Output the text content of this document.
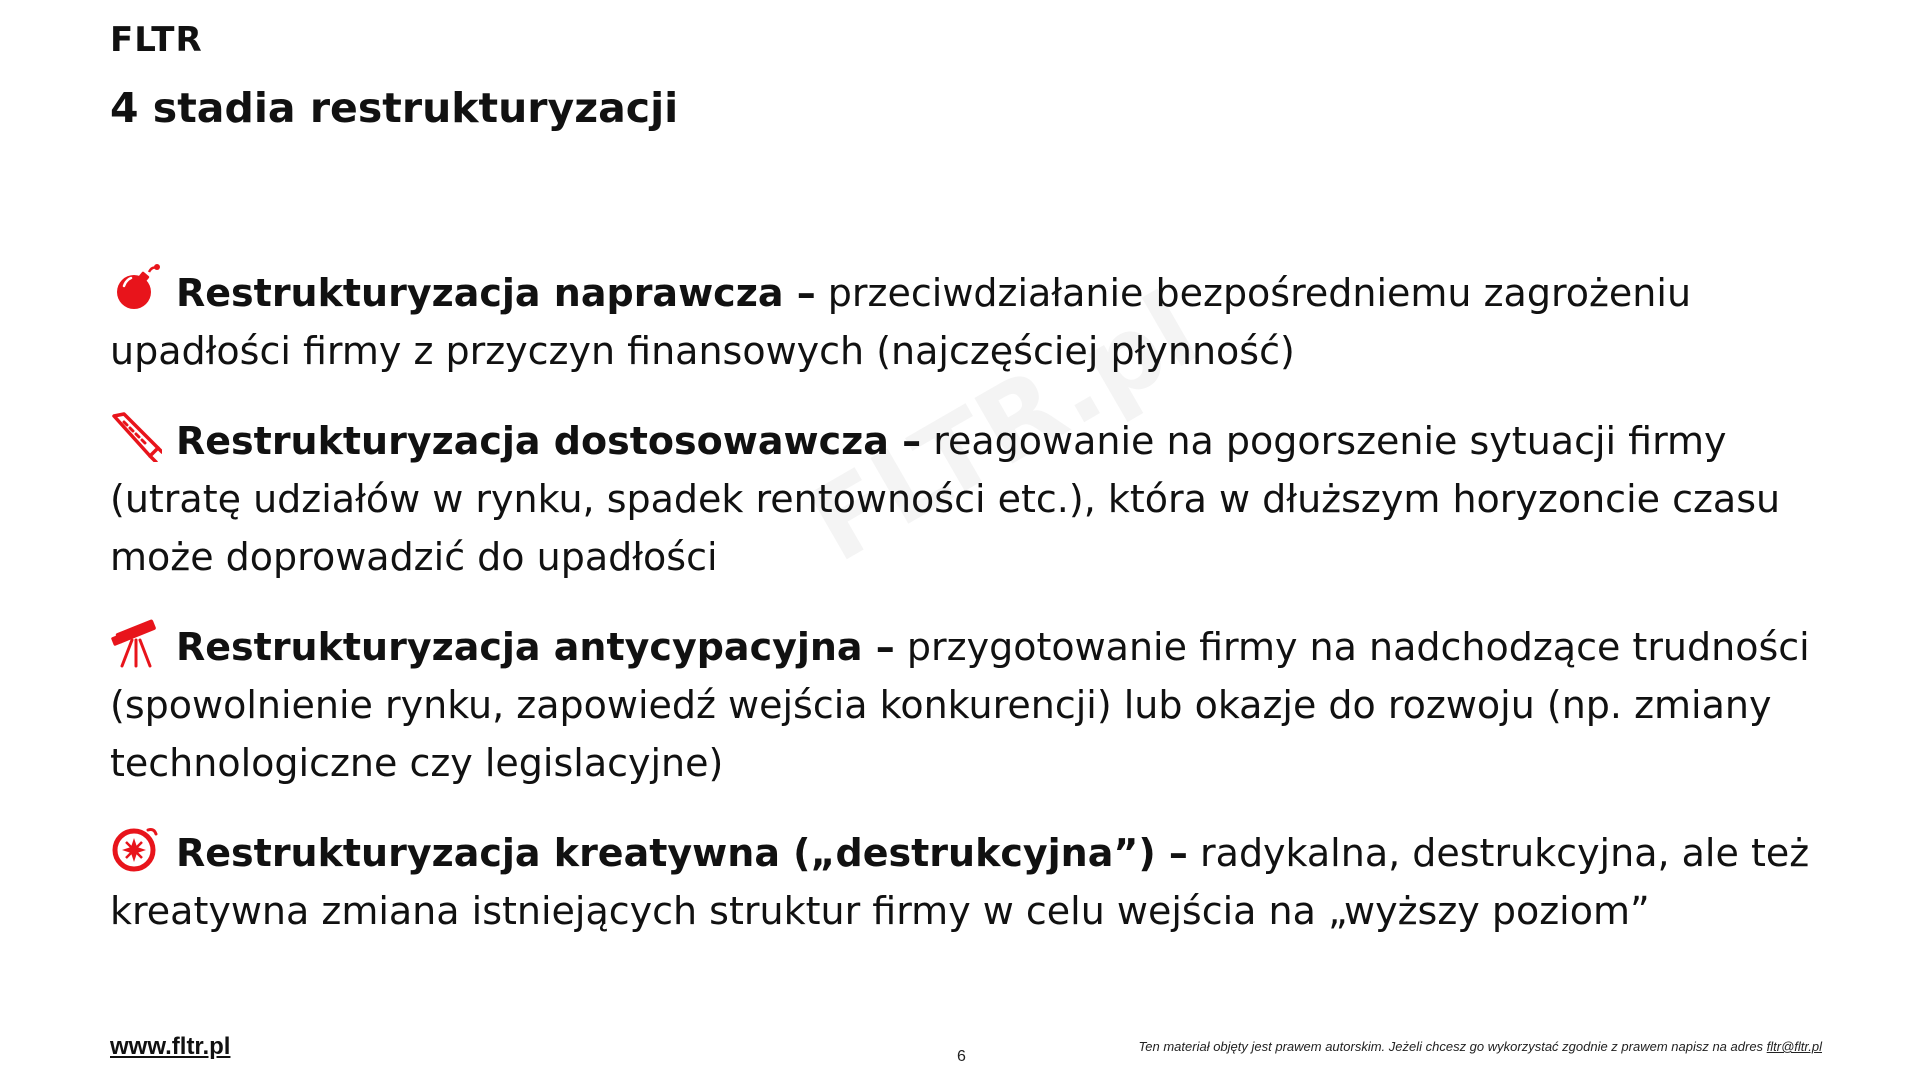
FLTR
4 stadia restrukturyzacji
Restrukturyzacja naprawcza – przeciwdziałanie bezpośredniemu zagrożeniu upadłości firmy z przyczyn finansowych (najczęściej płynność)
Restrukturyzacja dostosowawcza – reagowanie na pogorszenie sytuacji firmy (utratę udziałów w rynku, spadek rentowności etc.), która w dłuższym horyzoncie czasu może doprowadzić do upadłości
Restrukturyzacja antycypacyjna – przygotowanie firmy na nadchodzące trudności (spowolnienie rynku, zapowiedź wejścia konkurencji) lub okazje do rozwoju (np. zmiany technologiczne czy legislacyjne)
Restrukturyzacja kreatywna („destrukcyjna”) – radykalna, destrukcyjna, ale też kreatywna zmiana istniejących struktur firmy w celu wejścia na „wyższy poziom”
www.fltr.pl	6
Ten materiał objęty jest prawem autorskim. Jeżeli chcesz go wykorzystać zgodnie z prawem napisz na adres fltr@fltr.pl
